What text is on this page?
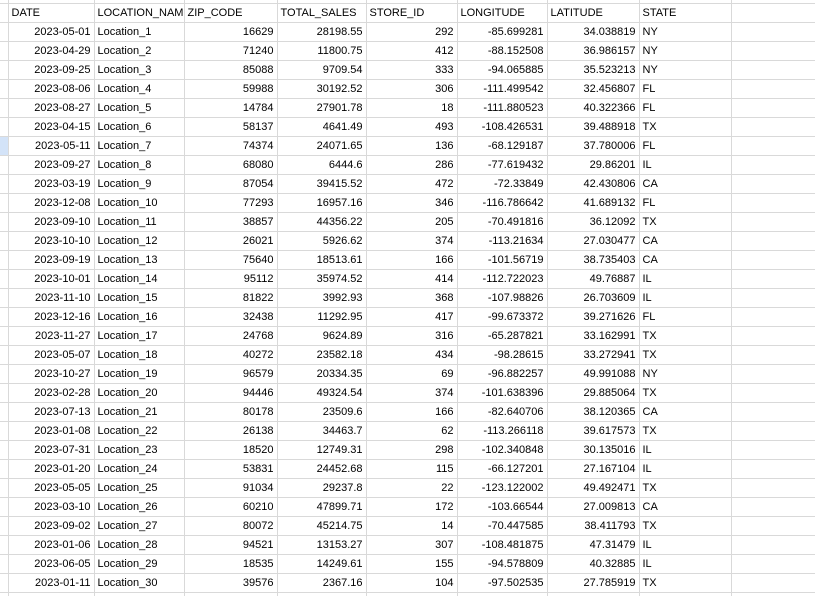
	DATE	LOCATION_NAM	ZIP_CODE	TOTAL_SALES	STORE_ID	LONGITUDE	LATITUDE	STATE	
	2023-05-01	Location_1	16629	28198.55	292	-85.699281	34.038819	NY	
	2023-04-29	Location_2	71240	11800.75	412	-88.152508	36.986157	NY	
	2023-09-25	Location_3	85088	9709.54	333	-94.065885	35.523213	NY	
	2023-08-06	Location_4	59988	30192.52	306	-111.499542	32.456807	FL	
	2023-08-27	Location_5	14784	27901.78	18	-111.880523	40.322366	FL	
	2023-04-15	Location_6	58137	4641.49	493	-108.426531	39.488918	TX	
	2023-05-11	Location_7	74374	24071.65	136	-68.129187	37.780006	FL	
	2023-09-27	Location_8	68080	6444.6	286	-77.619432	29.86201	IL	
	2023-03-19	Location_9	87054	39415.52	472	-72.33849	42.430806	CA	
	2023-12-08	Location_10	77293	16957.16	346	-116.786642	41.689132	FL	
	2023-09-10	Location_11	38857	44356.22	205	-70.491816	36.12092	TX	
	2023-10-10	Location_12	26021	5926.62	374	-113.21634	27.030477	CA	
	2023-09-19	Location_13	75640	18513.61	166	-101.56719	38.735403	CA	
	2023-10-01	Location_14	95112	35974.52	414	-112.722023	49.76887	IL	
	2023-11-10	Location_15	81822	3992.93	368	-107.98826	26.703609	IL	
	2023-12-16	Location_16	32438	11292.95	417	-99.673372	39.271626	FL	
	2023-11-27	Location_17	24768	9624.89	316	-65.287821	33.162991	TX	
	2023-05-07	Location_18	40272	23582.18	434	-98.28615	33.272941	TX	
	2023-10-27	Location_19	96579	20334.35	69	-96.882257	49.991088	NY	
	2023-02-28	Location_20	94446	49324.54	374	-101.638396	29.885064	TX	
	2023-07-13	Location_21	80178	23509.6	166	-82.640706	38.120365	CA	
	2023-01-08	Location_22	26138	34463.7	62	-113.266118	39.617573	TX	
	2023-07-31	Location_23	18520	12749.31	298	-102.340848	30.135016	IL	
	2023-01-20	Location_24	53831	24452.68	115	-66.127201	27.167104	IL	
	2023-05-05	Location_25	91034	29237.8	22	-123.122002	49.492471	TX	
	2023-03-10	Location_26	60210	47899.71	172	-103.66544	27.009813	CA	
	2023-09-02	Location_27	80072	45214.75	14	-70.447585	38.411793	TX	
	2023-01-06	Location_28	94521	13153.27	307	-108.481875	47.31479	IL	
	2023-06-05	Location_29	18535	14249.61	155	-94.578809	40.32885	IL	
	2023-01-11	Location_30	39576	2367.16	104	-97.502535	27.785919	TX	
